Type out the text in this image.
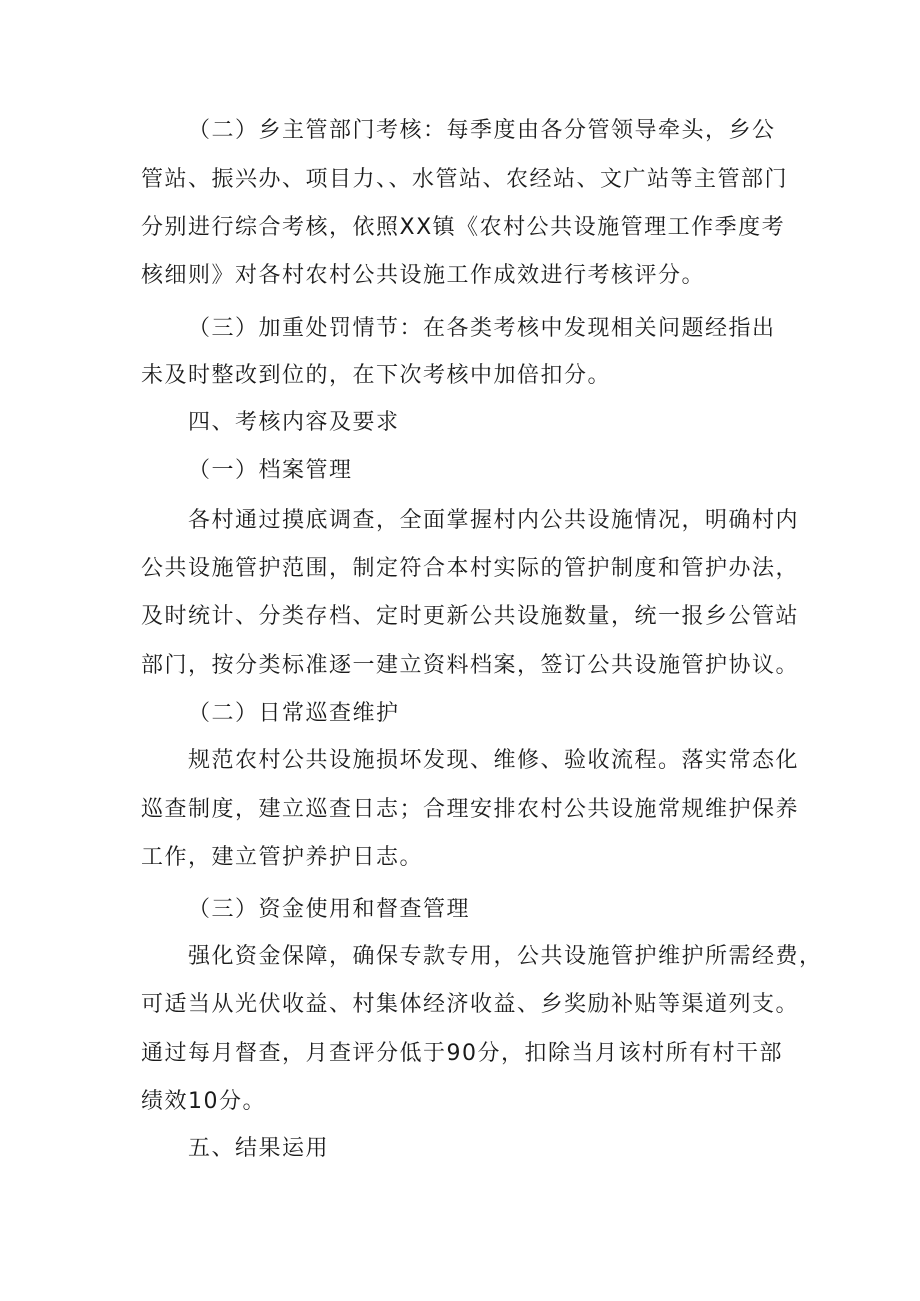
（二）乡主管部门考核：每季度由各分管领导牵头，乡公
管站、振兴办、项目力、、水管站、农经站、文广站等主管部门
分别进行综合考核，依照XX镇《农村公共设施管理工作季度考
核细则》对各村农村公共设施工作成效进行考核评分。
（三）加重处罚情节：在各类考核中发现相关问题经指出
未及时整改到位的，在下次考核中加倍扣分。
四、考核内容及要求
（一）档案管理
各村通过摸底调查，全面掌握村内公共设施情况，明确村内
公共设施管护范围，制定符合本村实际的管护制度和管护办法，
及时统计、分类存档、定时更新公共设施数量，统一报乡公管站
部门，按分类标准逐一建立资料档案，签订公共设施管护协议。
（二）日常巡查维护
规范农村公共设施损坏发现、维修、验收流程。落实常态化
巡查制度，建立巡查日志；合理安排农村公共设施常规维护保养
工作，建立管护养护日志。
（三）资金使用和督查管理
强化资金保障，确保专款专用，公共设施管护维护所需经费，
可适当从光伏收益、村集体经济收益、乡奖励补贴等渠道列支。
通过每月督查，月查评分低于90分，扣除当月该村所有村干部
绩效10分。
五、结果运用
